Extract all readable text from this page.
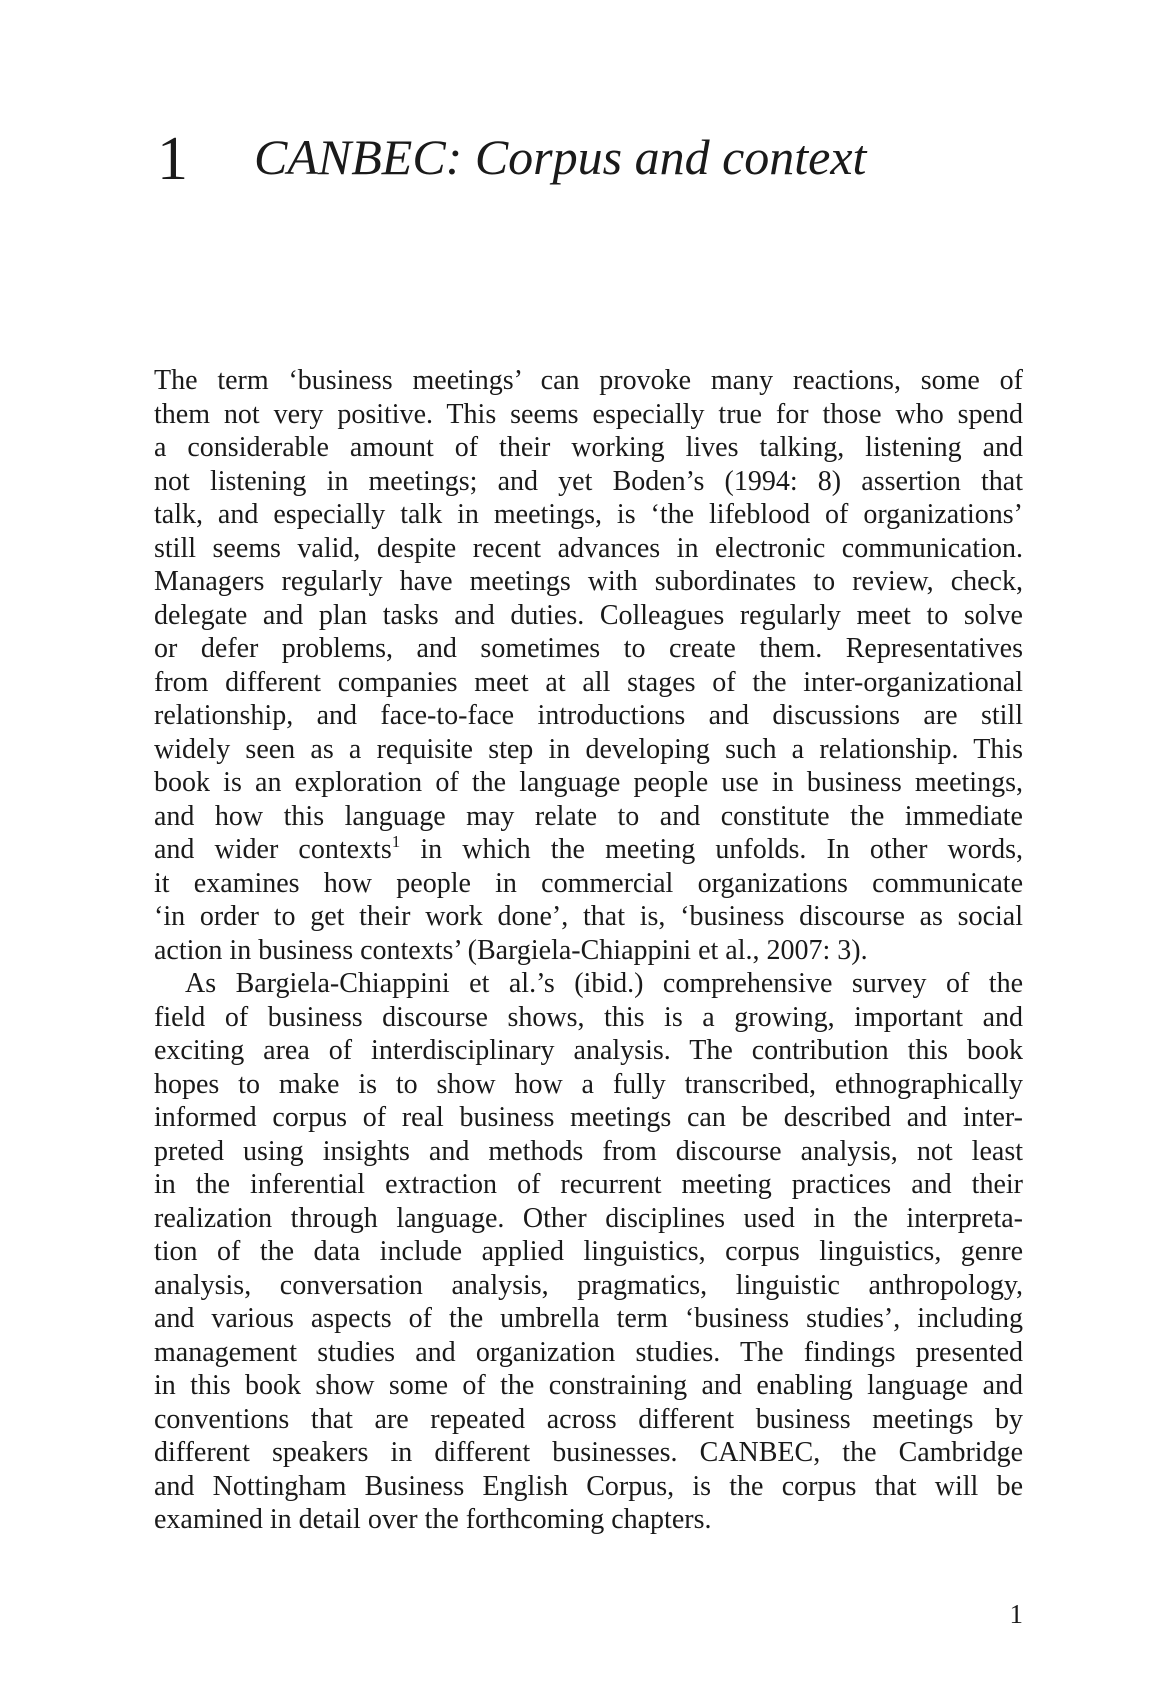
1 CANBEC: Corpus and context

The term ‘business meetings’ can provoke many reactions, some of
them not very positive. This seems especially true for those who spend
a considerable amount of their working lives talking, listening and
not listening in meetings; and yet Boden’s (1994: 8) assertion that
talk, and especially talk in meetings, is ‘the lifeblood of organizations’
still seems valid, despite recent advances in electronic communication.
Managers regularly have meetings with subordinates to review, check,
delegate and plan tasks and duties. Colleagues regularly meet to solve
or defer problems, and sometimes to create them. Representatives
from different companies meet at all stages of the inter-organizational
relationship, and face-to-face introductions and discussions are still
widely seen as a requisite step in developing such a relationship. This
book is an exploration of the language people use in business meetings,
and how this language may relate to and constitute the immediate
and wider contexts$^1$ in which the meeting unfolds. In other words,
it examines how people in commercial organizations communicate
‘in order to get their work done’, that is, ‘business discourse as social
action in business contexts’ (Bargiela-Chiappini et al., 2007: 3).

As Bargiela-Chiappini et al.’s (ibid.) comprehensive survey of the
field of business discourse shows, this is a growing, important and
exciting area of interdisciplinary analysis. The contribution this book
hopes to make is to show how a fully transcribed, ethnographically
informed corpus of real business meetings can be described and inter-
preted using insights and methods from discourse analysis, not least
in the inferential extraction of recurrent meeting practices and their
realization through language. Other disciplines used in the interpreta-
tion of the data include applied linguistics, corpus linguistics, genre
analysis, conversation analysis, pragmatics, linguistic anthropology,
and various aspects of the umbrella term ‘business studies’, including
management studies and organization studies. The findings presented
in this book show some of the constraining and enabling language and
conventions that are repeated across different business meetings by
different speakers in different businesses. CANBEC, the Cambridge
and Nottingham Business English Corpus, is the corpus that will be
examined in detail over the forthcoming chapters.

1
